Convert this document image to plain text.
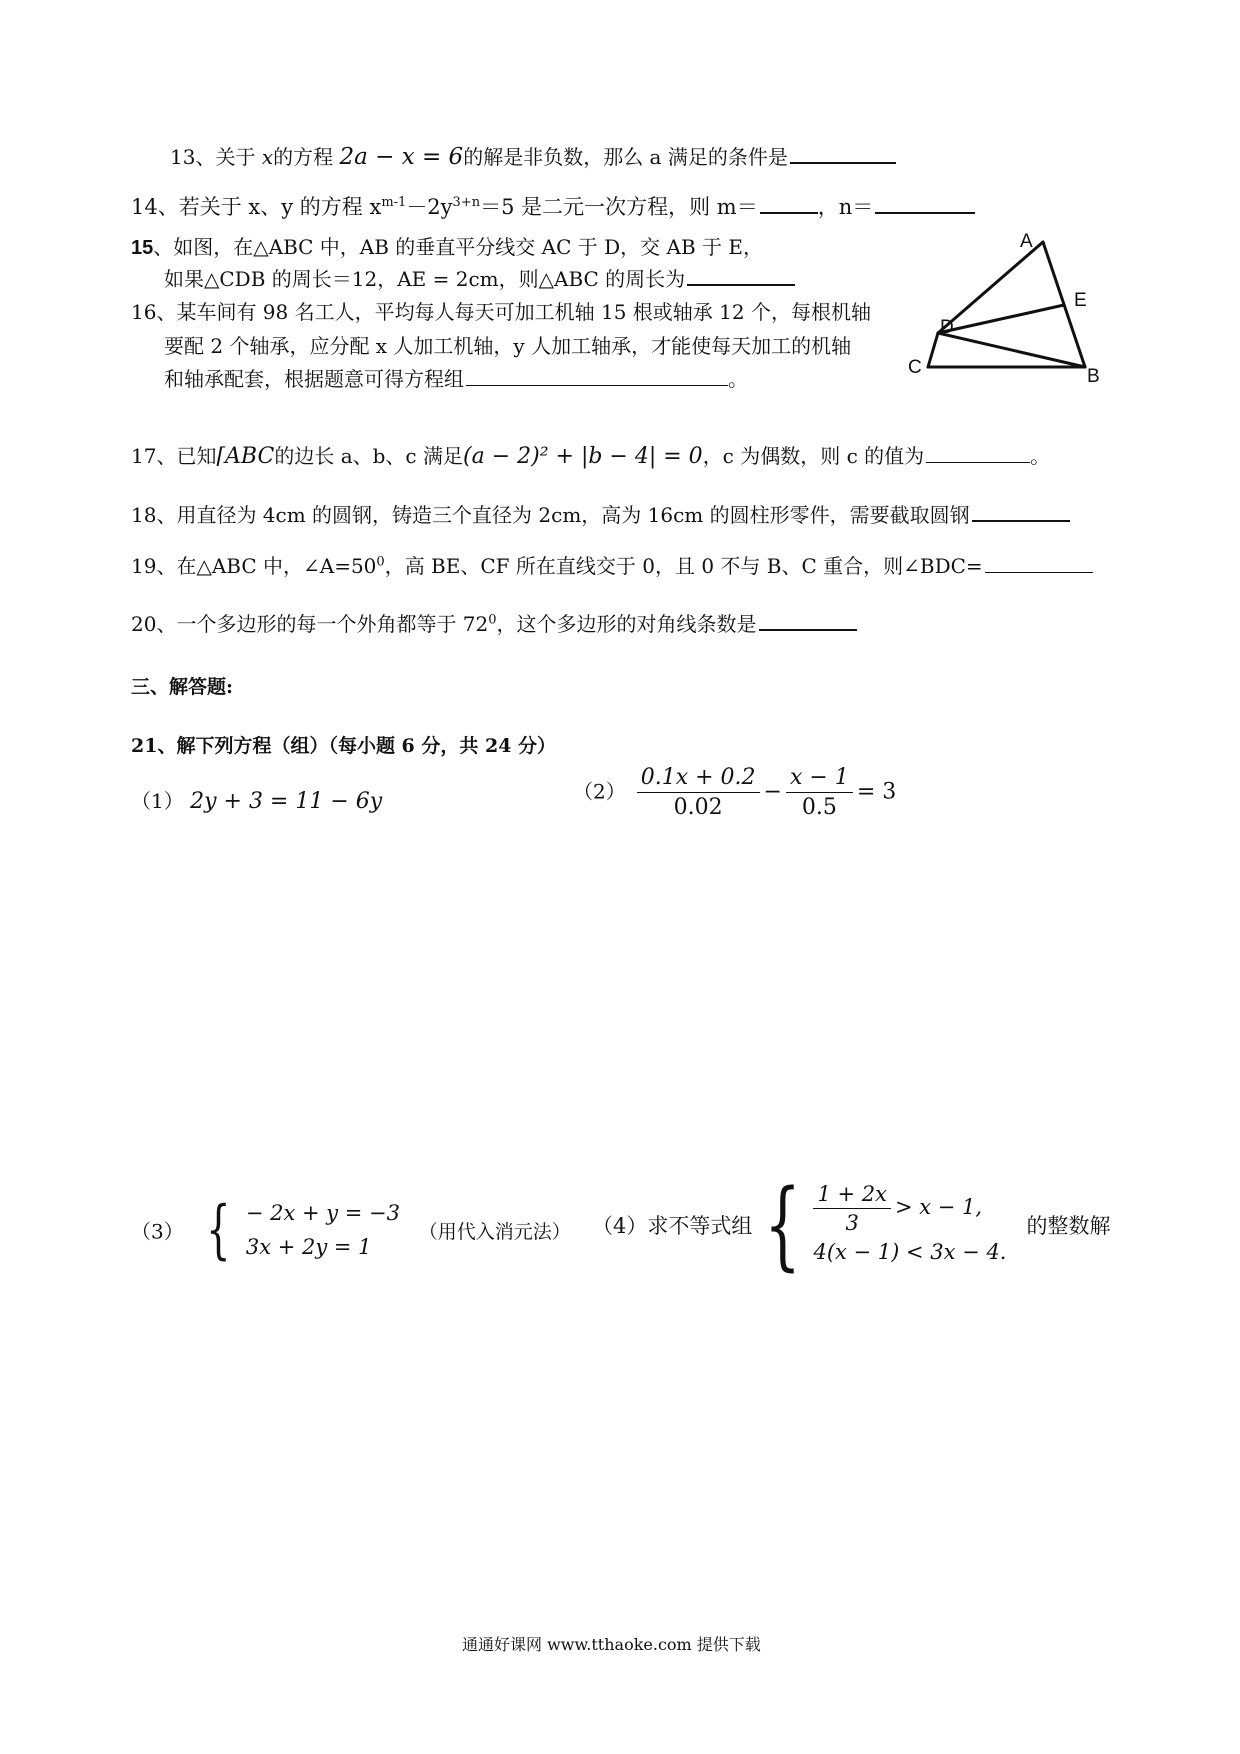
13、关于 x的方程 2a − x = 6的解是非负数，那么 a 满足的条件是
14、若关于 x、y 的方程 $x^{m-1}-2y^{3+n}=5$ 是二元一次方程，则 m＝	，n＝
15、如图，在△ABC 中，AB 的垂直平分线交 AC 于 D，交 AB 于 E，
如果△CDB 的周长＝12，AE = 2cm，则△ABC 的周长为
16、某车间有 98 名工人，平均每人每天可加工机轴 15 根或轴承 12 个，每根机轴
要配 2 个轴承，应分配 x 人加工机轴，y 人加工轴承，才能使每天加工的机轴
和轴承配套，根据题意可得方程组	。
A
E
D
C	B
17、已知⌈ABC的边长 a、b、c 满足(a − 2)² + |b − 4| = 0，c 为偶数，则 c 的值为	。
18、用直径为 4cm 的圆钢，铸造三个直径为 2cm，高为 16cm 的圆柱形零件，需要截取圆钢
19、在△ABC 中，$\angle A=50^0$，高 BE、CF 所在直线交于 0，且 0 不与 B、C 重合，则∠BDC=
20、一个多边形的每一个外角都等于 $72^0$，这个多边形的对角线条数是
三、解答题:
21、解下列方程（组）（每小题 6 分，共 24 分）
（1） 2y + 3 = 11 − 6y	$(2) \frac{0.1x + 0.2}{0.02} - \frac{x - 1}{0.5} = 3$
（3） { − 2x + y = −3
3x + 2y = 1
（用代入消元法） （4）求不等式组 { $\frac{1 + 2x}{3} > x - 1$,
4(x − 1) < 3x − 4.
的整数解
通通好课网 www.tthaoke.com 提供下载
